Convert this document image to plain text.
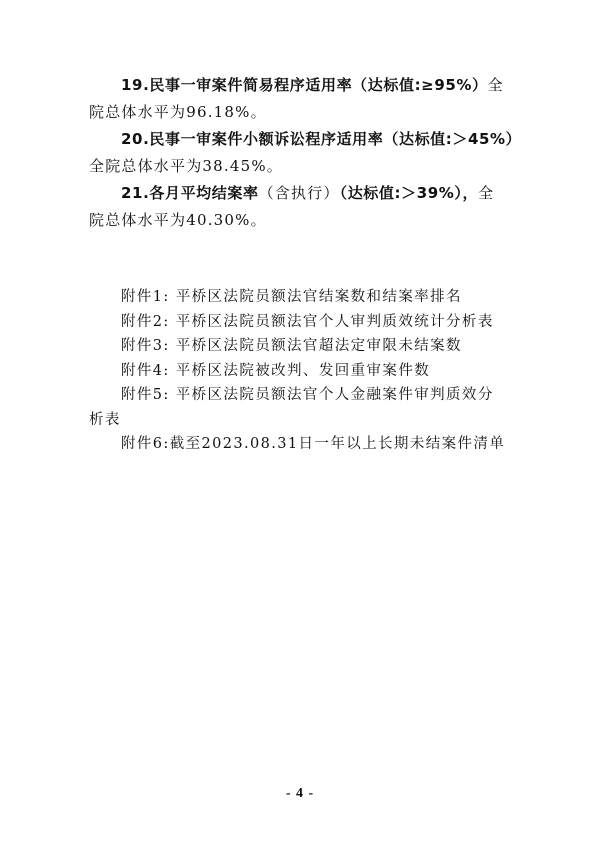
19.民事一审案件简易程序适用率（达标值:≥95%）全
院总体水平为96.18%。
20.民事一审案件小额诉讼程序适用率（达标值:＞45%）
全院总体水平为38.45%。
21.各月平均结案率（含执行）（达标值:＞39%），全
院总体水平为40.30%。
附件1: 平桥区法院员额法官结案数和结案率排名
附件2: 平桥区法院员额法官个人审判质效统计分析表
附件3: 平桥区法院员额法官超法定审限未结案数
附件4: 平桥区法院被改判、发回重审案件数
附件5: 平桥区法院员额法官个人金融案件审判质效分
析表
附件6:截至2023.08.31日一年以上长期未结案件清单
- 4 -
